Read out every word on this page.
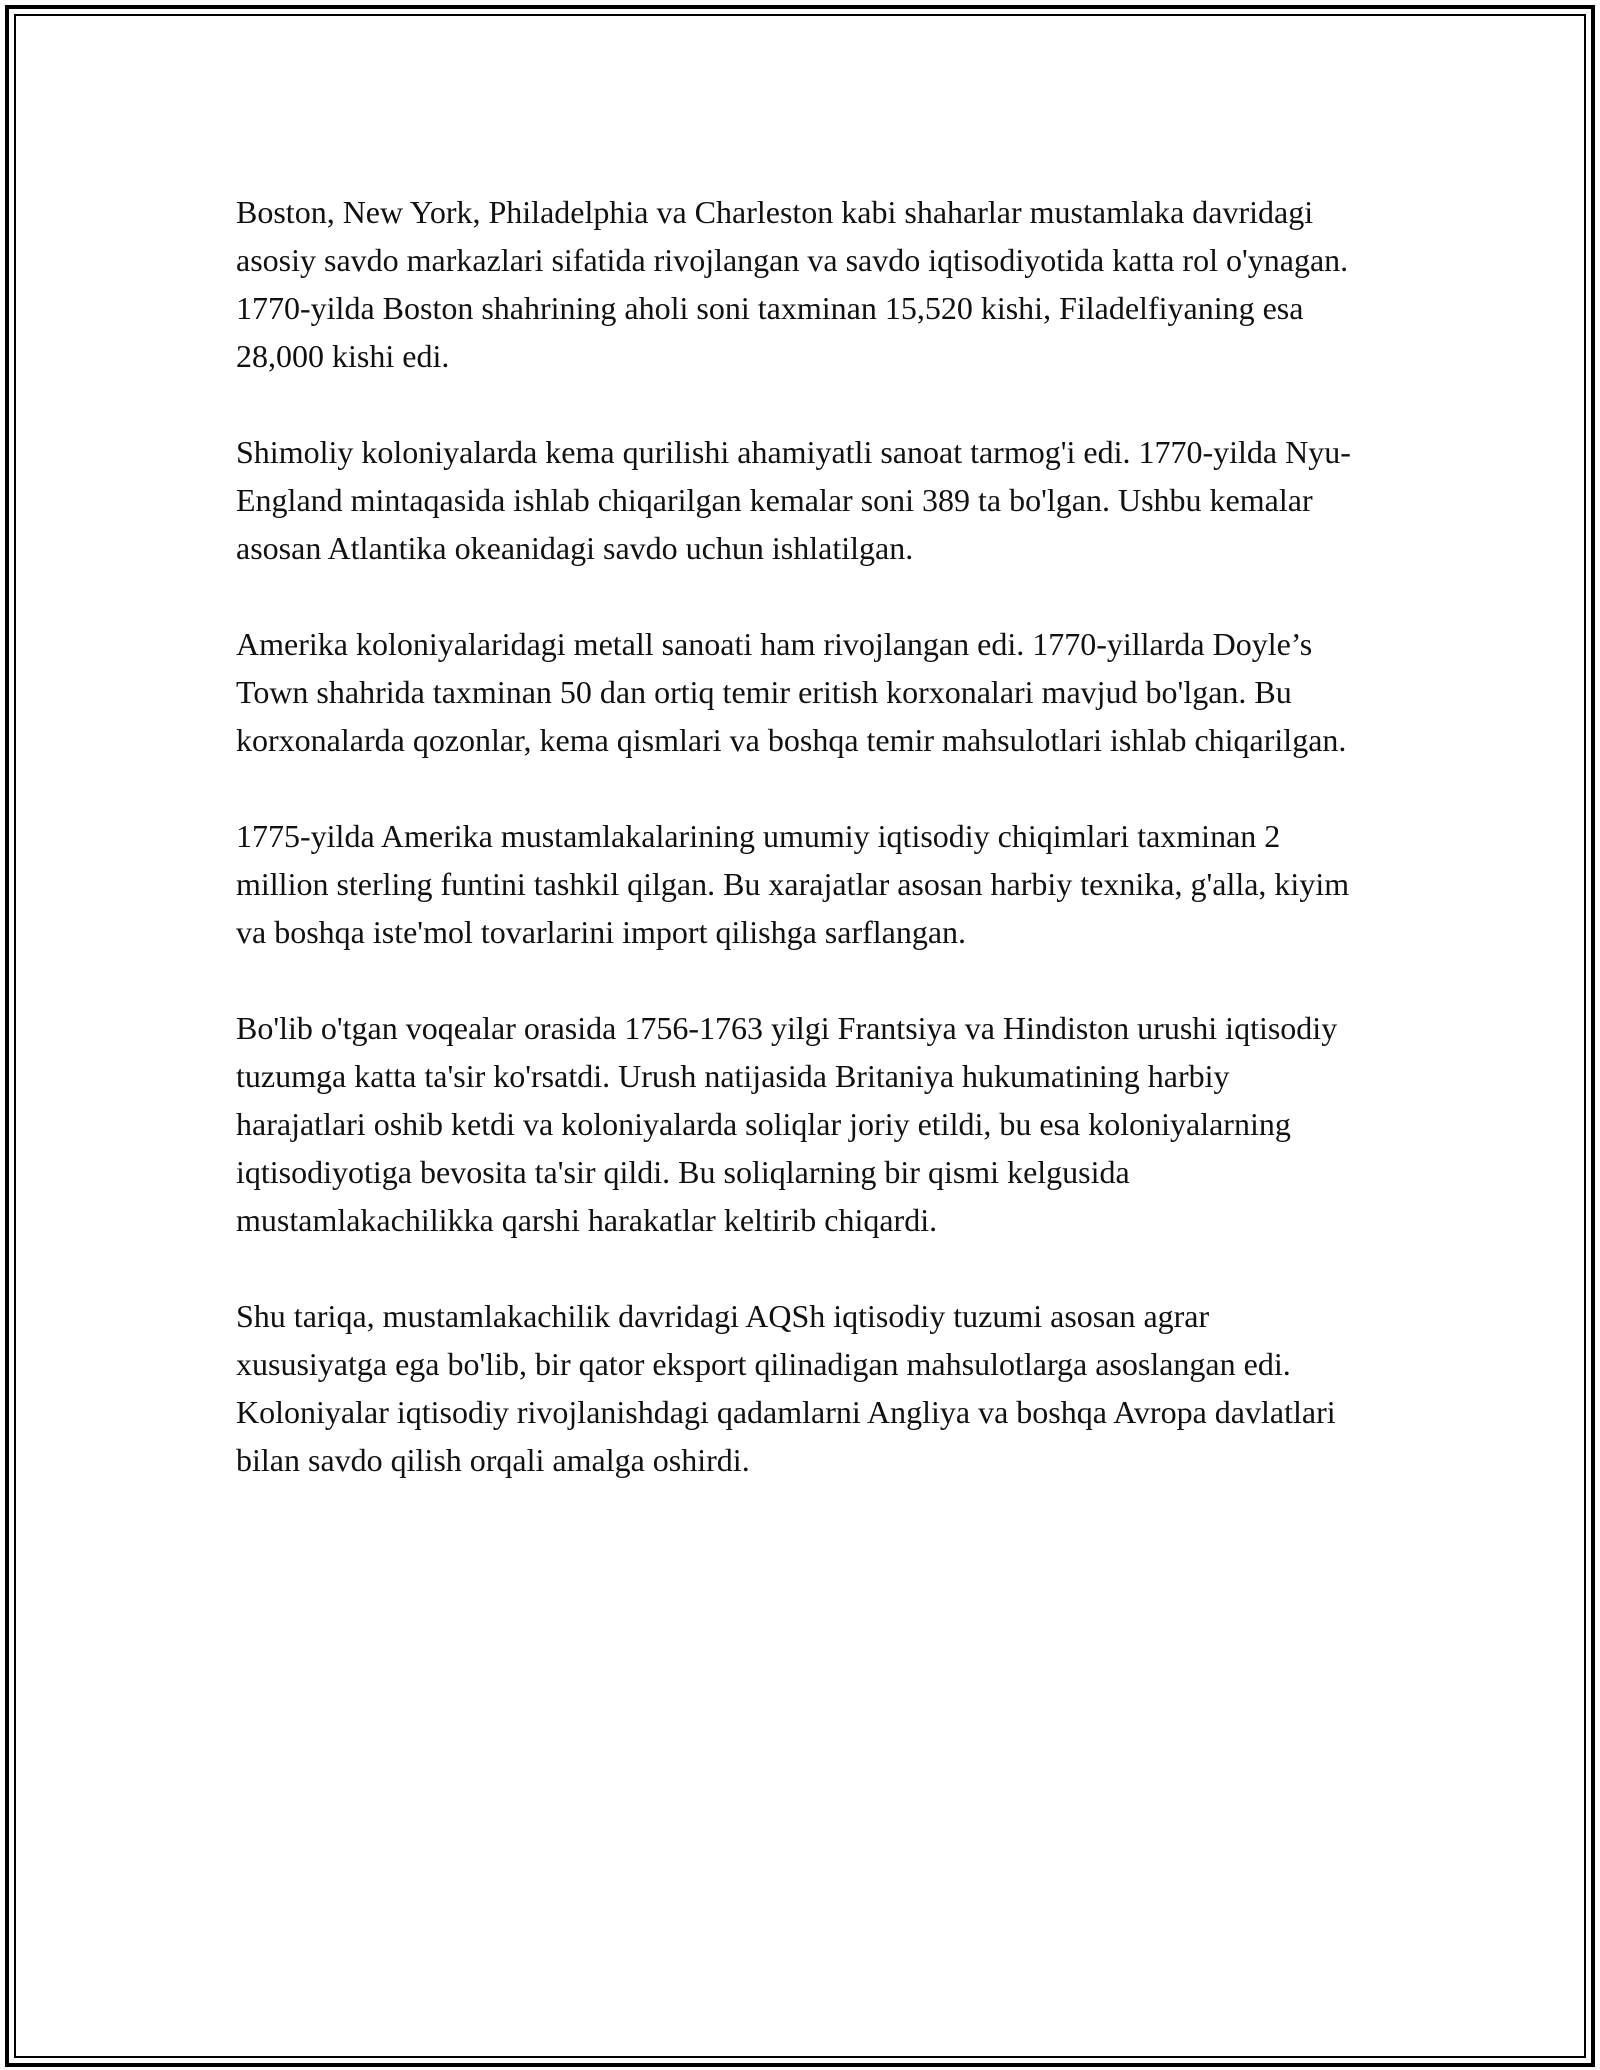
Boston, New York, Philadelphia va Charleston kabi shaharlar mustamlaka davridagi asosiy savdo markazlari sifatida rivojlangan va savdo iqtisodiyotida katta rol o'ynagan. 1770-yilda Boston shahrining aholi soni taxminan 15,520 kishi, Filadelfiyaning esa 28,000 kishi edi.

Shimoliy koloniyalarda kema qurilishi ahamiyatli sanoat tarmog'i edi. 1770-yilda Nyu-England mintaqasida ishlab chiqarilgan kemalar soni 389 ta bo'lgan. Ushbu kemalar asosan Atlantika okeanidagi savdo uchun ishlatilgan.

Amerika koloniyalaridagi metall sanoati ham rivojlangan edi. 1770-yillarda Doyle’s Town shahrida taxminan 50 dan ortiq temir eritish korxonalari mavjud bo'lgan. Bu korxonalarda qozonlar, kema qismlari va boshqa temir mahsulotlari ishlab chiqarilgan.

1775-yilda Amerika mustamlakalarining umumiy iqtisodiy chiqimlari taxminan 2 million sterling funtini tashkil qilgan. Bu xarajatlar asosan harbiy texnika, g'alla, kiyim va boshqa iste'mol tovarlarini import qilishga sarflangan.

Bo'lib o'tgan voqealar orasida 1756-1763 yilgi Frantsiya va Hindiston urushi iqtisodiy tuzumga katta ta'sir ko'rsatdi. Urush natijasida Britaniya hukumatining harbiy harajatlari oshib ketdi va koloniyalarda soliqlar joriy etildi, bu esa koloniyalarning iqtisodiyotiga bevosita ta'sir qildi. Bu soliqlarning bir qismi kelgusida mustamlakachilikka qarshi harakatlar keltirib chiqardi.

Shu tariqa, mustamlakachilik davridagi AQSh iqtisodiy tuzumi asosan agrar xususiyatga ega bo'lib, bir qator eksport qilinadigan mahsulotlarga asoslangan edi. Koloniyalar iqtisodiy rivojlanishdagi qadamlarni Angliya va boshqa Avropa davlatlari bilan savdo qilish orqali amalga oshirdi.
